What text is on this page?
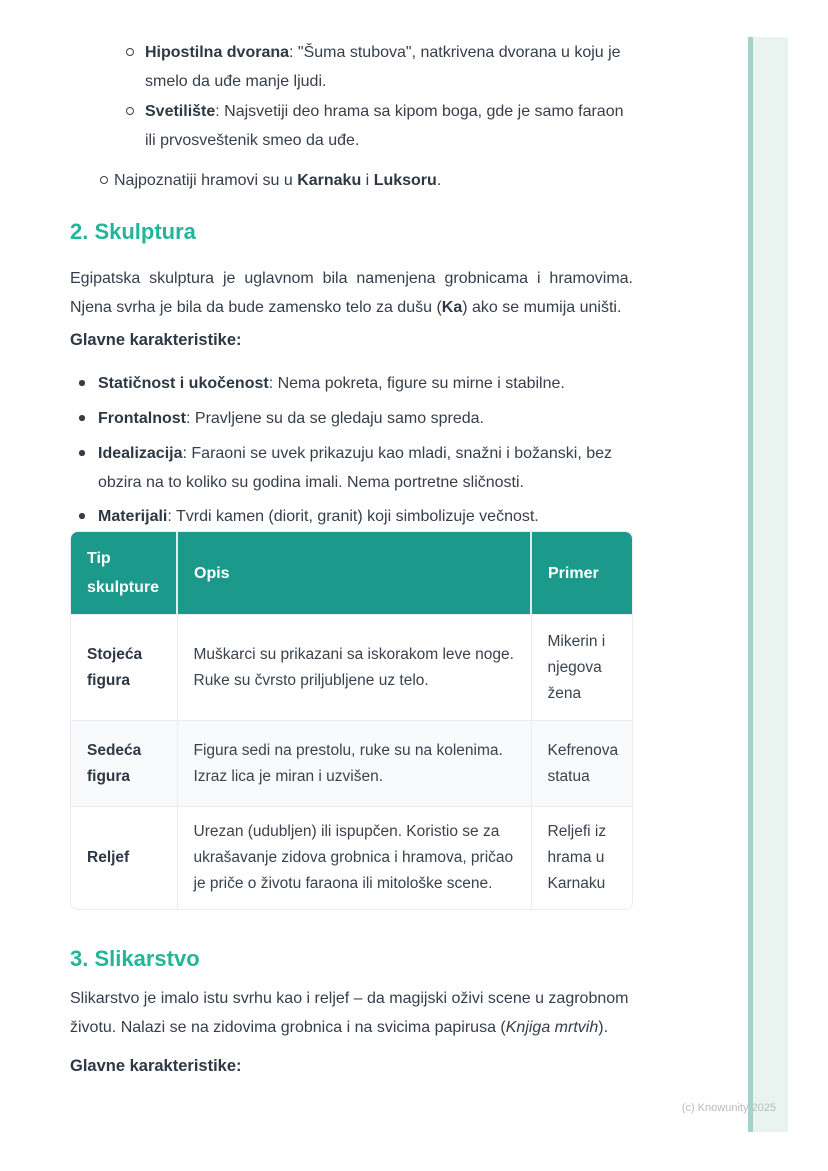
Hipostilna dvorana: "Šuma stubova", natkrivena dvorana u koju je
smelo da uđe manje ljudi.
Svetilište: Najsvetiji deo hrama sa kipom boga, gde je samo faraon
ili prvosveštenik smeo da uđe.
Najpoznatiji hramovi su u Karnaku i Luksoru.
2. Skulptura
Egipatska skulptura je uglavnom bila namenjena grobnicama i hramovima.
Njena svrha je bila da bude zamensko telo za dušu (Ka) ako se mumija uništi.
Glavne karakteristike:
Statičnost i ukočenost: Nema pokreta, figure su mirne i stabilne.
Frontalnost: Pravljene su da se gledaju samo spreda.
Idealizacija: Faraoni se uvek prikazuju kao mladi, snažni i božanski, bez
obzira na to koliko su godina imali. Nema portretne sličnosti.
Materijali: Tvrdi kamen (diorit, granit) koji simbolizuje večnost.
Tip skulpture	Opis	Primer
Stojeća figura	Muškarci su prikazani sa iskorakom leve noge. Ruke su čvrsto priljubljene uz telo.	Mikerin i njegova žena
Sedeća figura	Figura sedi na prestolu, ruke su na kolenima. Izraz lica je miran i uzvišen.	Kefrenova statua
Reljef	Urezan (udubljen) ili ispupčen. Koristio se za ukrašavanje zidova grobnica i hramova, pričao je priče o životu faraona ili mitološke scene.	Reljefi iz hrama u Karnaku
3. Slikarstvo
Slikarstvo je imalo istu svrhu kao i reljef – da magijski oživi scene u zagrobnom
životu. Nalazi se na zidovima grobnica i na svicima papirusa (Knjiga mrtvih).
Glavne karakteristike:
(c) Knowunity 2025
